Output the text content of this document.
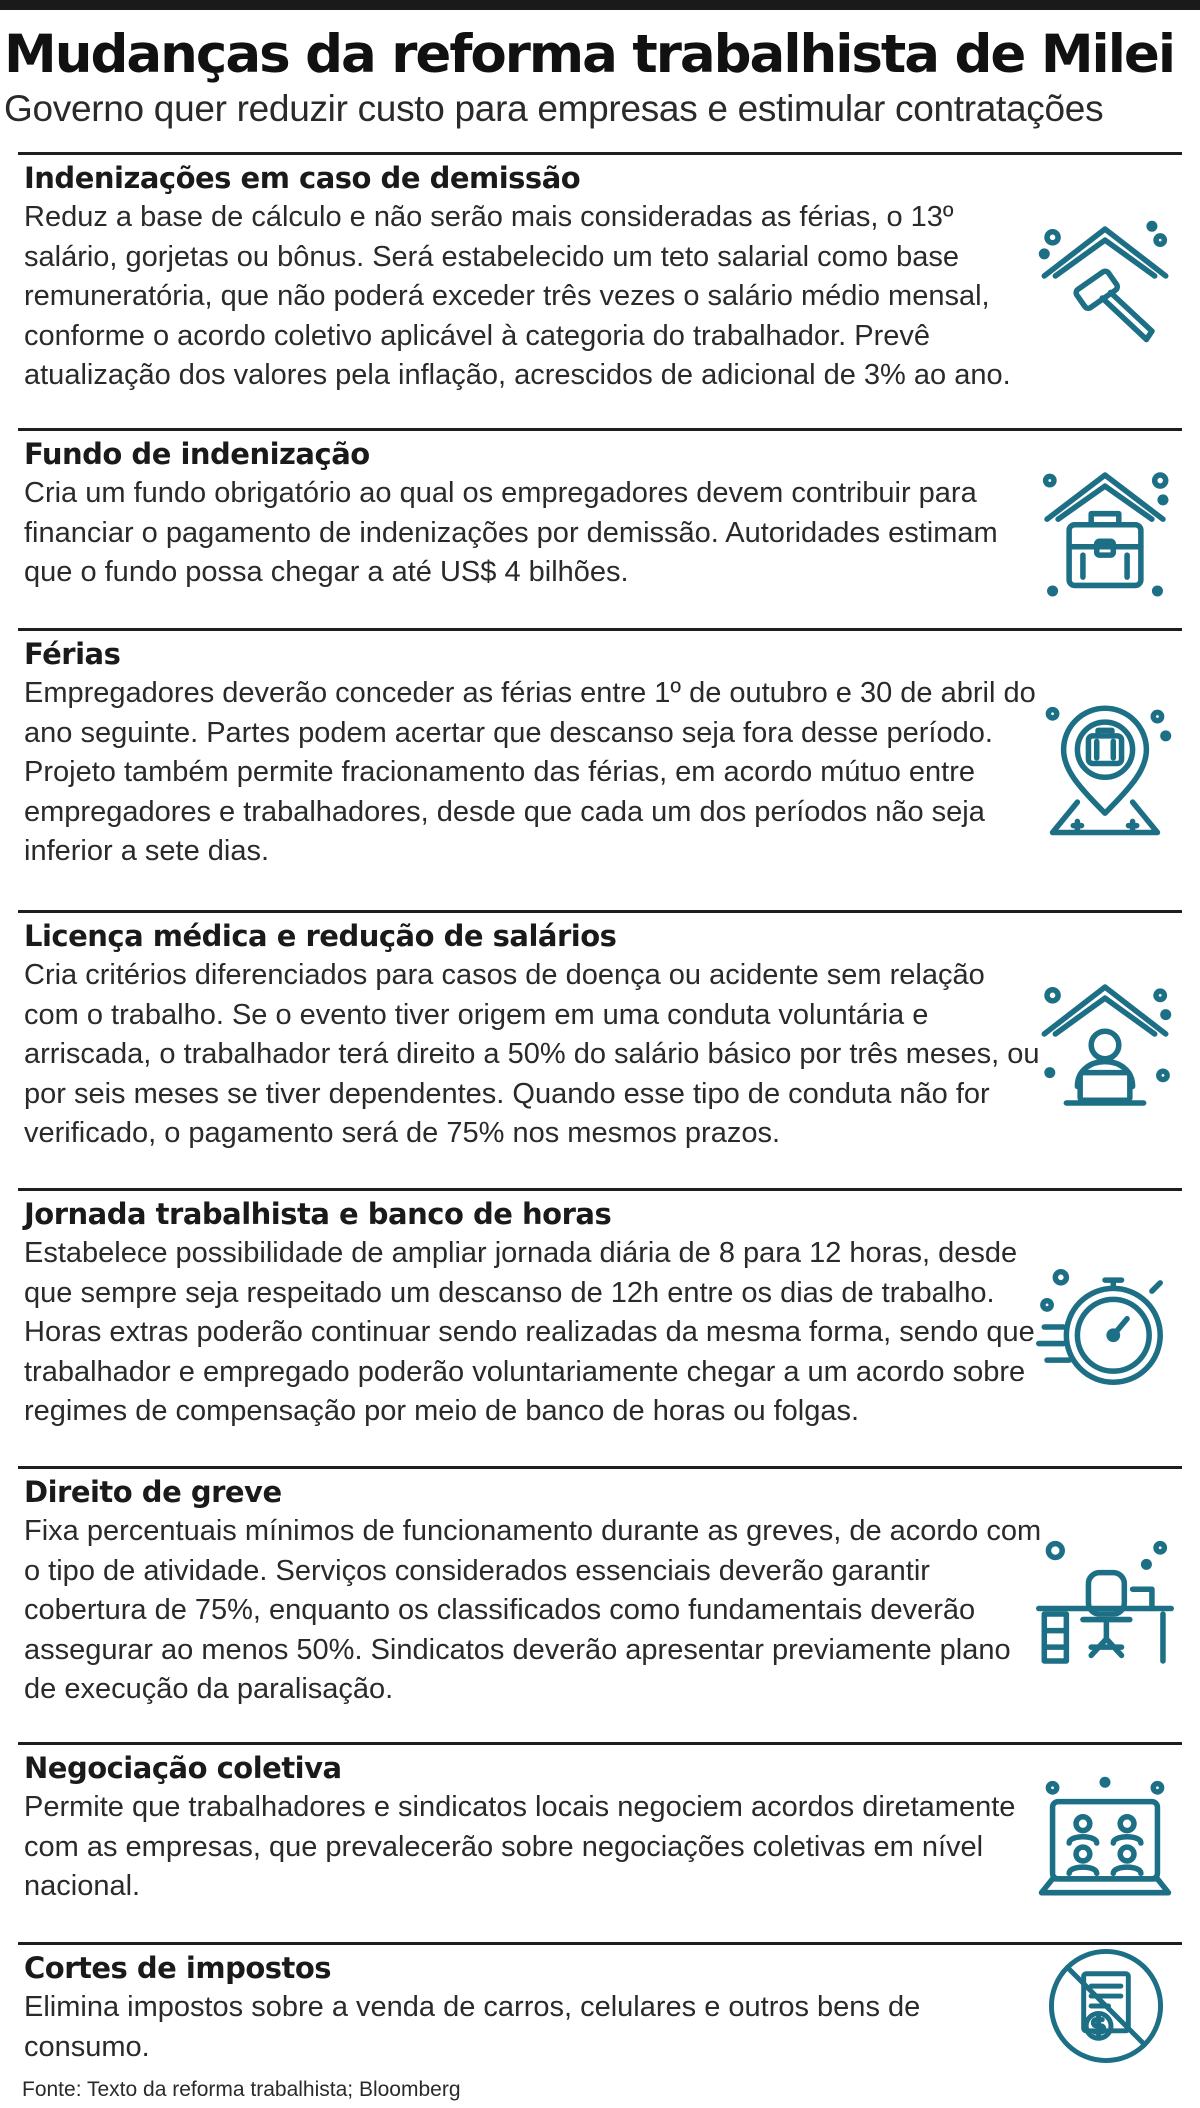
Mudanças da reforma trabalhista de Milei
Governo quer reduzir custo para empresas e estimular contratações
Indenizações em caso de demissão
Reduz a base de cálculo e não serão mais consideradas as férias, o 13º salário, gorjetas ou bônus. Será estabelecido um teto salarial como base remuneratória, que não poderá exceder três vezes o salário médio mensal, conforme o acordo coletivo aplicável à categoria do trabalhador. Prevê atualização dos valores pela inflação, acrescidos de adicional de 3% ao ano.
Fundo de indenização
Cria um fundo obrigatório ao qual os empregadores devem contribuir para financiar o pagamento de indenizações por demissão. Autoridades estimam que o fundo possa chegar a até US$ 4 bilhões.
Férias
Empregadores deverão conceder as férias entre 1º de outubro e 30 de abril do ano seguinte. Partes podem acertar que descanso seja fora desse período. Projeto também permite fracionamento das férias, em acordo mútuo entre empregadores e trabalhadores, desde que cada um dos períodos não seja inferior a sete dias.
Licença médica e redução de salários
Cria critérios diferenciados para casos de doença ou acidente sem relação com o trabalho. Se o evento tiver origem em uma conduta voluntária e arriscada, o trabalhador terá direito a 50% do salário básico por três meses, ou por seis meses se tiver dependentes. Quando esse tipo de conduta não for verificado, o pagamento será de 75% nos mesmos prazos.
Jornada trabalhista e banco de horas
Estabelece possibilidade de ampliar jornada diária de 8 para 12 horas, desde que sempre seja respeitado um descanso de 12h entre os dias de trabalho. Horas extras poderão continuar sendo realizadas da mesma forma, sendo que trabalhador e empregado poderão voluntariamente chegar a um acordo sobre regimes de compensação por meio de banco de horas ou folgas.
Direito de greve
Fixa percentuais mínimos de funcionamento durante as greves, de acordo com o tipo de atividade. Serviços considerados essenciais deverão garantir cobertura de 75%, enquanto os classificados como fundamentais deverão assegurar ao menos 50%. Sindicatos deverão apresentar previamente plano de execução da paralisação.
Negociação coletiva
Permite que trabalhadores e sindicatos locais negociem acordos diretamente com as empresas, que prevalecerão sobre negociações coletivas em nível nacional.
Cortes de impostos
Elimina impostos sobre a venda de carros, celulares e outros bens de consumo.
Fonte: Texto da reforma trabalhista; Bloomberg
